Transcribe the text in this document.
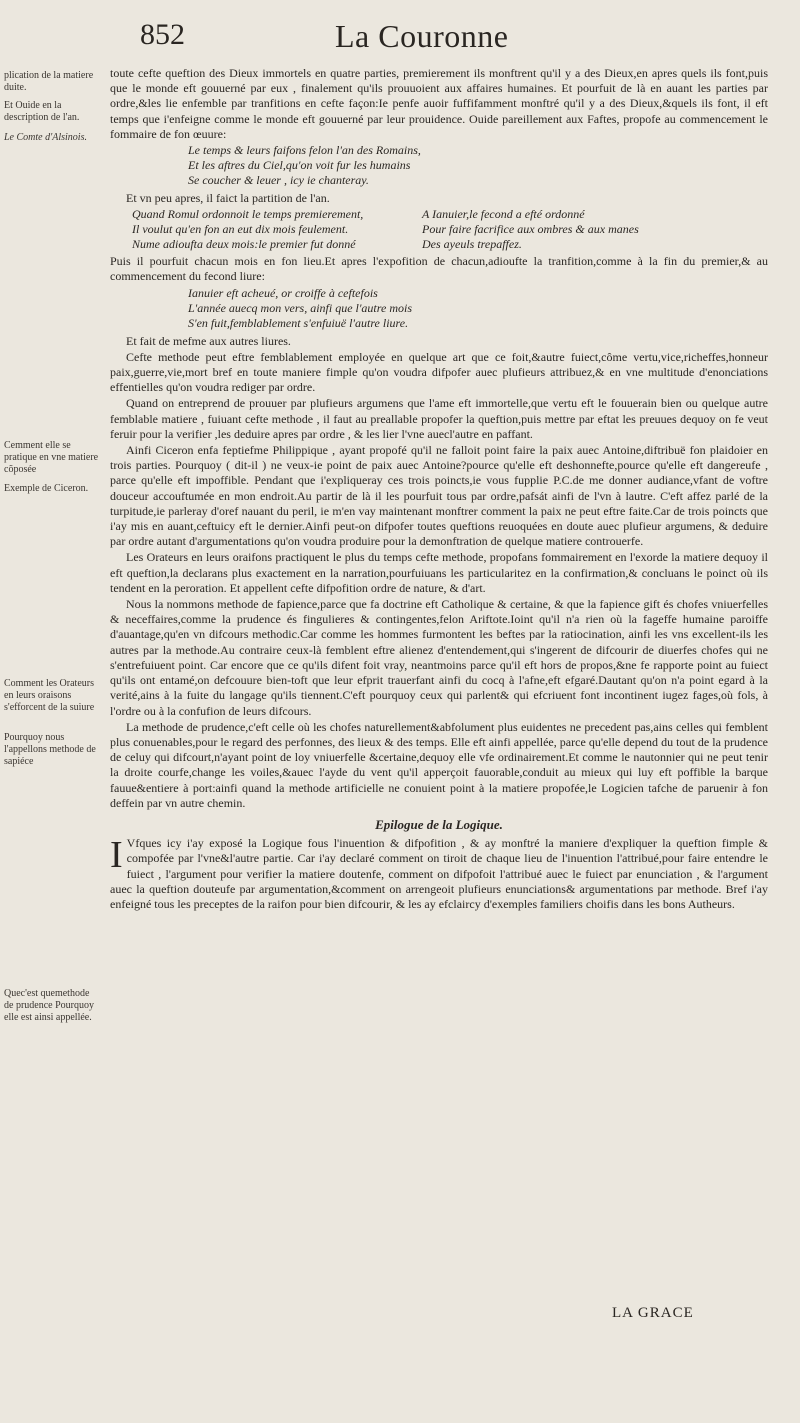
852	La Couronne
plication de la matiere duite.
Et Ouide en la description de l'an.
Le Comte d'Alsinois.
Cemment elle se pratique en vne matiere cõposée
Exemple de Ciceron.
Comment les Orateurs en leurs oraisons s'efforcent de la suiure
Pourquoy nous l'appellons methode de sapiéce
Quec'est quemethode de prudence Pourquoy elle est ainsi appellée.

toute cefte queftion des Dieux immortels en quatre parties, premierement ils monftrent qu'il y a des Dieux,en apres quels ils font,puis que le monde eft gouuerné par eux , finalement qu'ils prouuoient aux affaires humaines. Et pourfuit de là en auant les parties par ordre,&les lie enfemble par tranfitions en cefte façon:Ie penfe auoir fuffifamment monftré qu'il y a des Dieux,&quels ils font, il eft temps que i'enfeigne comme le monde eft gouuerné par leur prouidence. Ouide pareillement aux Faftes, propofe au commencement le fommaire de fon œuure:

Le temps & leurs faifons felon l'an des Romains,
Et les aftres du Ciel,qu'on voit fur les humains
Se coucher & leuer , icy ie chanteray.

Et vn peu apres, il faict la partition de l'an.

Quand Romul ordonnoit le temps premierement,	A Ianuier,le fecond a efté ordonné
Il voulut qu'en fon an eut dix mois feulement.	Pour faire facrifice aux ombres & aux manes
Nume adioufta deux mois:le premier fut donné	Des ayeuls trepaffez.

Puis il pourfuit chacun mois en fon lieu.Et apres l'expofition de chacun,adioufte la tranfition,comme à la fin du premier,& au commencement du fecond liure:

Ianuier eft acheué, or croiffe à ceftefois
L'année auecq mon vers, ainfi que l'autre mois
S'en fuit,femblablement s'enfuiuë l'autre liure.

Et fait de mefme aux autres liures.

Cefte methode peut eftre femblablement employée en quelque art que ce foit,&autre fuiect,côme vertu,vice,richeffes,honneur paix,guerre,vie,mort bref en toute maniere fimple qu'on voudra difpofer auec plufieurs attribuez,& en vne multitude d'enonciations effentielles qu'on voudra rediger par ordre.

Quand on entreprend de prouuer par plufieurs argumens que l'ame eft immortelle,que vertu eft le fouuerain bien ou quelque autre femblable matiere , fuiuant cefte methode , il faut au preallable propofer la queftion,puis mettre par eftat les preuues dequoy on fe veut feruir pour la verifier ,les deduire apres par ordre , & les lier l'vne auecl'autre en paffant.

Ainfi Ciceron enfa feptiefme Philippique , ayant propofé qu'il ne falloit point faire la paix auec Antoine,diftribuë fon plaidoier en trois parties. Pourquoy ( dit-il ) ne veux-ie point de paix auec Antoine?pource qu'elle eft deshonnefte,pource qu'elle eft dangereufe , parce qu'elle eft impoffible. Pendant que i'expliqueray ces trois poincts,ie vous fupplie P.C.de me donner audiance,vfant de voftre douceur accouftumée en mon endroit.Au partir de là il les pourfuit tous par ordre,pafsát ainfi de l'vn à lautre. C'eft affez parlé de la turpitude,ie parleray d'oref nauant du peril, ie m'en vay maintenant monftrer comment la paix ne peut eftre faite.Car de trois poincts que i'ay mis en auant,ceftuicy eft le dernier.Ainfi peut-on difpofer toutes queftions reuoquées en doute auec plufieur argumens, & deduire par ordre autant d'argumentations qu'on voudra produire pour la demonftration de quelque matiere controuerfe.

Les Orateurs en leurs oraifons practiquent le plus du temps cefte methode, propofans fommairement en l'exorde la matiere dequoy il eft queftion,la declarans plus exactement en la narration,pourfuiuans les particularitez en la confirmation,& concluans le poinct où ils tendent en la peroration. Et appellent cefte difpofition ordre de nature, & d'art.

Nous la nommons methode de fapience,parce que fa doctrine eft Catholique & certaine, & que la fapience gift és chofes vniuerfelles & neceffaires,comme la prudence és fingulieres & contingentes,felon Ariftote.Ioint qu'il n'a rien où la fageffe humaine paroiffe d'auantage,qu'en vn difcours methodic.Car comme les hommes furmontent les beftes par la ratiocination, ainfi les vns excellent-ils les autres par la methode.Au contraire ceux-là femblent eftre alienez d'entendement,qui s'ingerent de difcourir de diuerfes chofes qui ne s'entrefuiuent point. Car encore que ce qu'ils difent foit vray, neantmoins parce qu'il eft hors de propos,&ne fe rapporte point au fuiect qu'ils ont entamé,on defcouure bien-toft que leur efprit trauerfant ainfi du cocq à l'afne,eft efgaré.Dautant qu'on n'a point egard à la verité,ains à la fuite du langage qu'ils tiennent.C'eft pourquoy ceux qui parlent& qui efcriuent font incontinent iugez fages,où fols, à l'ordre ou à la confufion de leurs difcours.

La methode de prudence,c'eft celle où les chofes naturellement&abfolument plus euidentes ne precedent pas,ains celles qui femblent plus conuenables,pour le regard des perfonnes, des lieux & des temps. Elle eft ainfi appellée, parce qu'elle depend du tout de la prudence de celuy qui difcourt,n'ayant point de loy vniuerfelle &certaine,dequoy elle vfe ordinairement.Et comme le nautonnier qui ne peut tenir la droite courfe,change les voiles,&auec l'ayde du vent qu'il apperçoit fauorable,conduit au mieux qui luy eft poffible la barque fauue&entiere à port:ainfi quand la methode artificielle ne conuient point à la matiere propofée,le Logicien tafche de paruenir à fon deffein par vn autre chemin.

Epilogue de la Logique.

I Vfques icy i'ay exposé la Logique fous l'inuention & difpofition , & ay monftré la maniere d'expliquer la queftion fimple & compofée par l'vne&l'autre partie. Car i'ay declaré comment on tiroit de chaque lieu de l'inuention l'attribué,pour faire entendre le fuiect , l'argument pour verifier la matiere doutenfe, comment on difpofoit l'attribué auec le fuiect par enunciation , & l'argument auec la queftion douteufe par argumentation,&comment on arrengeoit plufieurs enunciations& argumentations par methode. Bref i'ay enfeigné tous les preceptes de la raifon pour bien difcourir, & les ay efclaircy d'exemples familiers choifis dans les bons Autheurs.

LA GRACE
